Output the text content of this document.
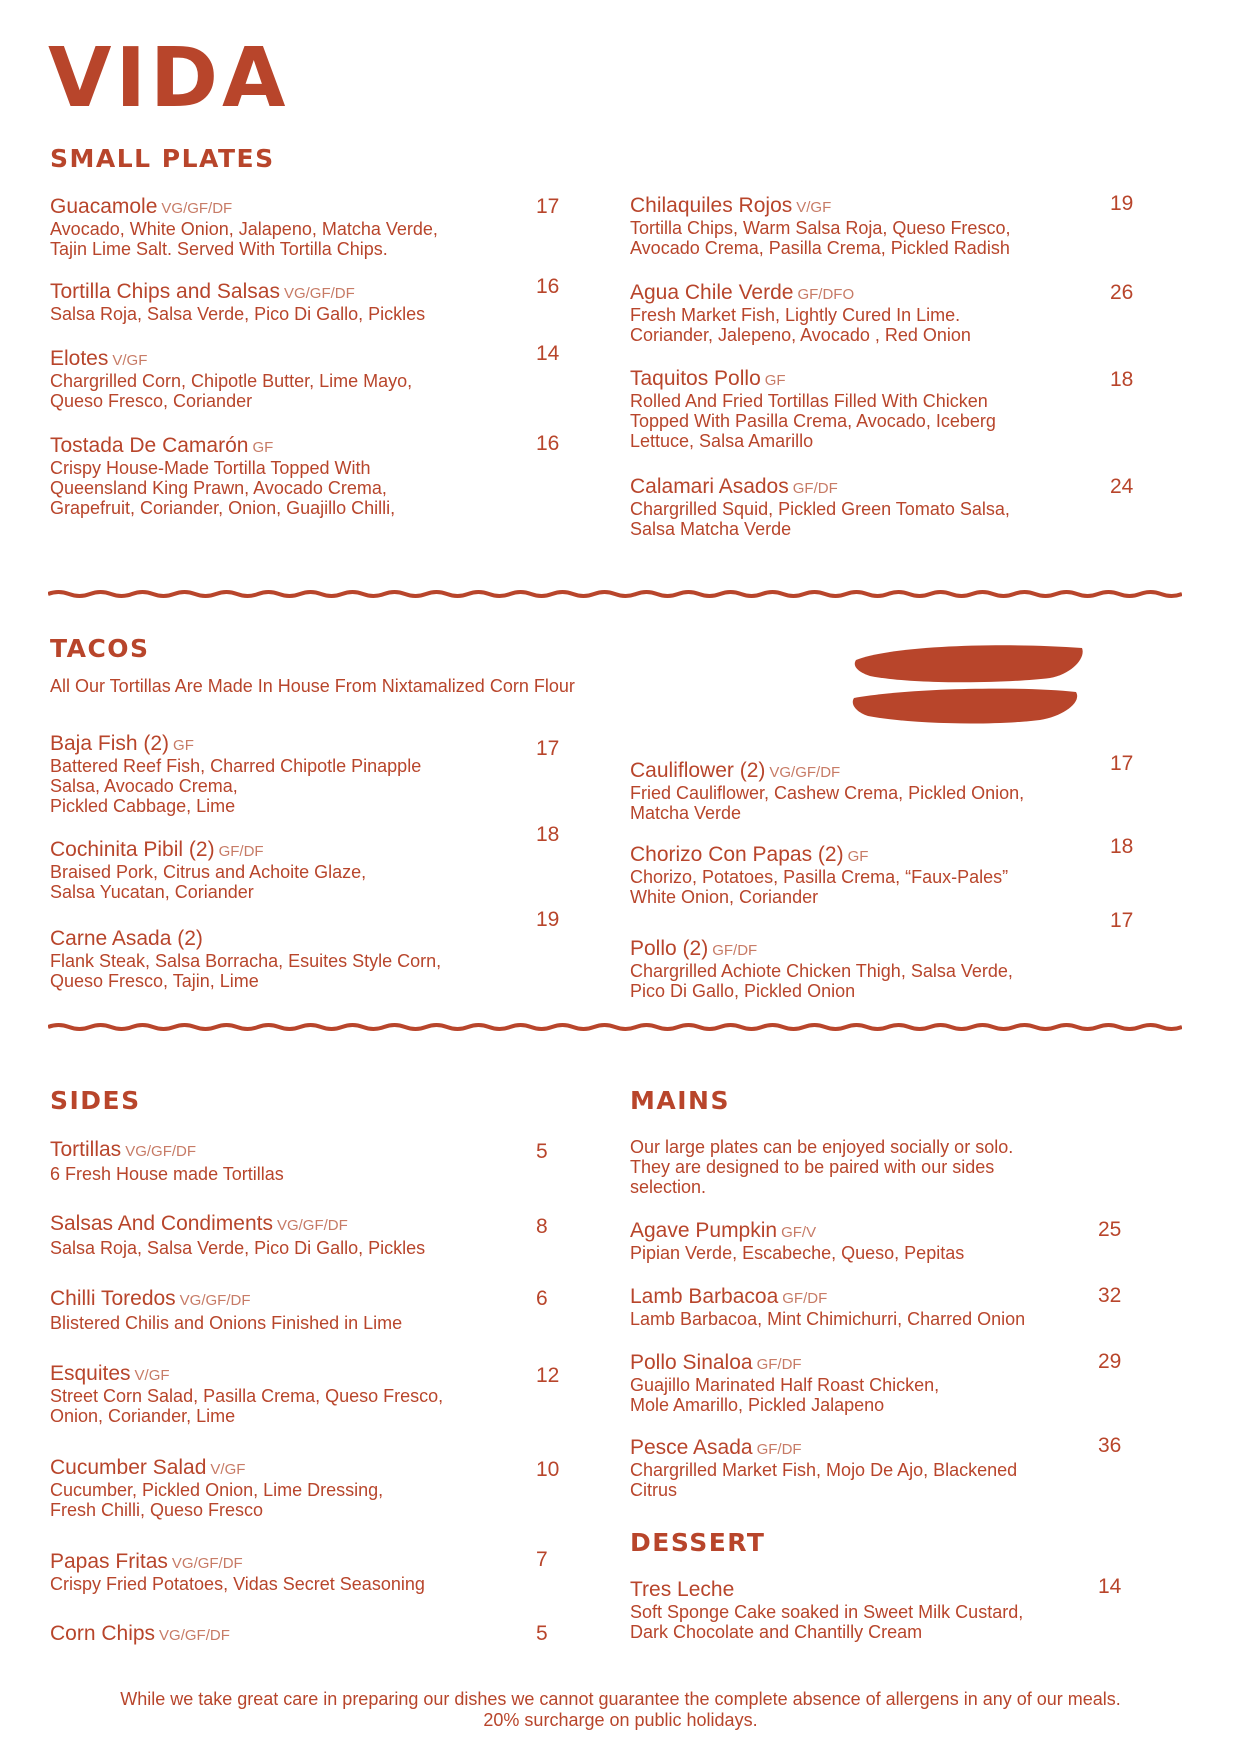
VIDA
SMALL PLATES
Guacamole VG/GF/DF
Avocado, White Onion, Jalapeno, Matcha Verde,
Tajin Lime Salt. Served With Tortilla Chips.
17
Tortilla Chips and Salsas VG/GF/DF
Salsa Roja, Salsa Verde, Pico Di Gallo, Pickles
16
Elotes V/GF
Chargrilled Corn, Chipotle Butter, Lime Mayo,
Queso Fresco, Coriander
14
Tostada De Camarón GF
Crispy House-Made Tortilla Topped With
Queensland King Prawn, Avocado Crema,
Grapefruit, Coriander, Onion, Guajillo Chilli,
16
Chilaquiles Rojos V/GF
Tortilla Chips, Warm Salsa Roja, Queso Fresco,
Avocado Crema, Pasilla Crema, Pickled Radish
19
Agua Chile Verde GF/DFO
Fresh Market Fish, Lightly Cured In Lime.
Coriander, Jalepeno, Avocado , Red Onion
26
Taquitos Pollo GF
Rolled And Fried Tortillas Filled With Chicken
Topped With Pasilla Crema, Avocado, Iceberg
Lettuce, Salsa Amarillo
18
Calamari Asados GF/DF
Chargrilled Squid, Pickled Green Tomato Salsa,
Salsa Matcha Verde
24
TACOS
All Our Tortillas Are Made In House From Nixtamalized Corn Flour
Baja Fish (2) GF
Battered Reef Fish, Charred Chipotle Pinapple
Salsa, Avocado Crema,
Pickled Cabbage, Lime
17
Cochinita Pibil (2) GF/DF
Braised Pork, Citrus and Achoite Glaze,
Salsa Yucatan, Coriander
18
Carne Asada (2)
Flank Steak, Salsa Borracha, Esuites Style Corn,
Queso Fresco, Tajin, Lime
19
Cauliflower (2) VG/GF/DF
Fried Cauliflower, Cashew Crema, Pickled Onion,
Matcha Verde
17
Chorizo Con Papas (2) GF
Chorizo, Potatoes, Pasilla Crema, “Faux-Pales”
White Onion, Coriander
18
Pollo (2) GF/DF
Chargrilled Achiote Chicken Thigh, Salsa Verde,
Pico Di Gallo, Pickled Onion
17
SIDES
Tortillas VG/GF/DF
6 Fresh House made Tortillas
5
Salsas And Condiments VG/GF/DF
Salsa Roja, Salsa Verde, Pico Di Gallo, Pickles
8
Chilli Toredos VG/GF/DF
Blistered Chilis and Onions Finished in Lime
6
Esquites V/GF
Street Corn Salad, Pasilla Crema, Queso Fresco,
Onion, Coriander, Lime
12
Cucumber Salad V/GF
Cucumber, Pickled Onion, Lime Dressing,
Fresh Chilli, Queso Fresco
10
Papas Fritas VG/GF/DF
Crispy Fried Potatoes, Vidas Secret Seasoning
7
Corn Chips VG/GF/DF	5
MAINS
Our large plates can be enjoyed socially or solo.
They are designed to be paired with our sides
selection.
Agave Pumpkin GF/V
Pipian Verde, Escabeche, Queso, Pepitas
25
Lamb Barbacoa GF/DF
Lamb Barbacoa, Mint Chimichurri, Charred Onion
32
Pollo Sinaloa GF/DF
Guajillo Marinated Half Roast Chicken,
Mole Amarillo, Pickled Jalapeno
29
Pesce Asada GF/DF
Chargrilled Market Fish, Mojo De Ajo, Blackened
Citrus
36
DESSERT
Tres Leche
Soft Sponge Cake soaked in Sweet Milk Custard,
Dark Chocolate and Chantilly Cream
14
While we take great care in preparing our dishes we cannot guarantee the complete absence of allergens in any of our meals.
20% surcharge on public holidays.
